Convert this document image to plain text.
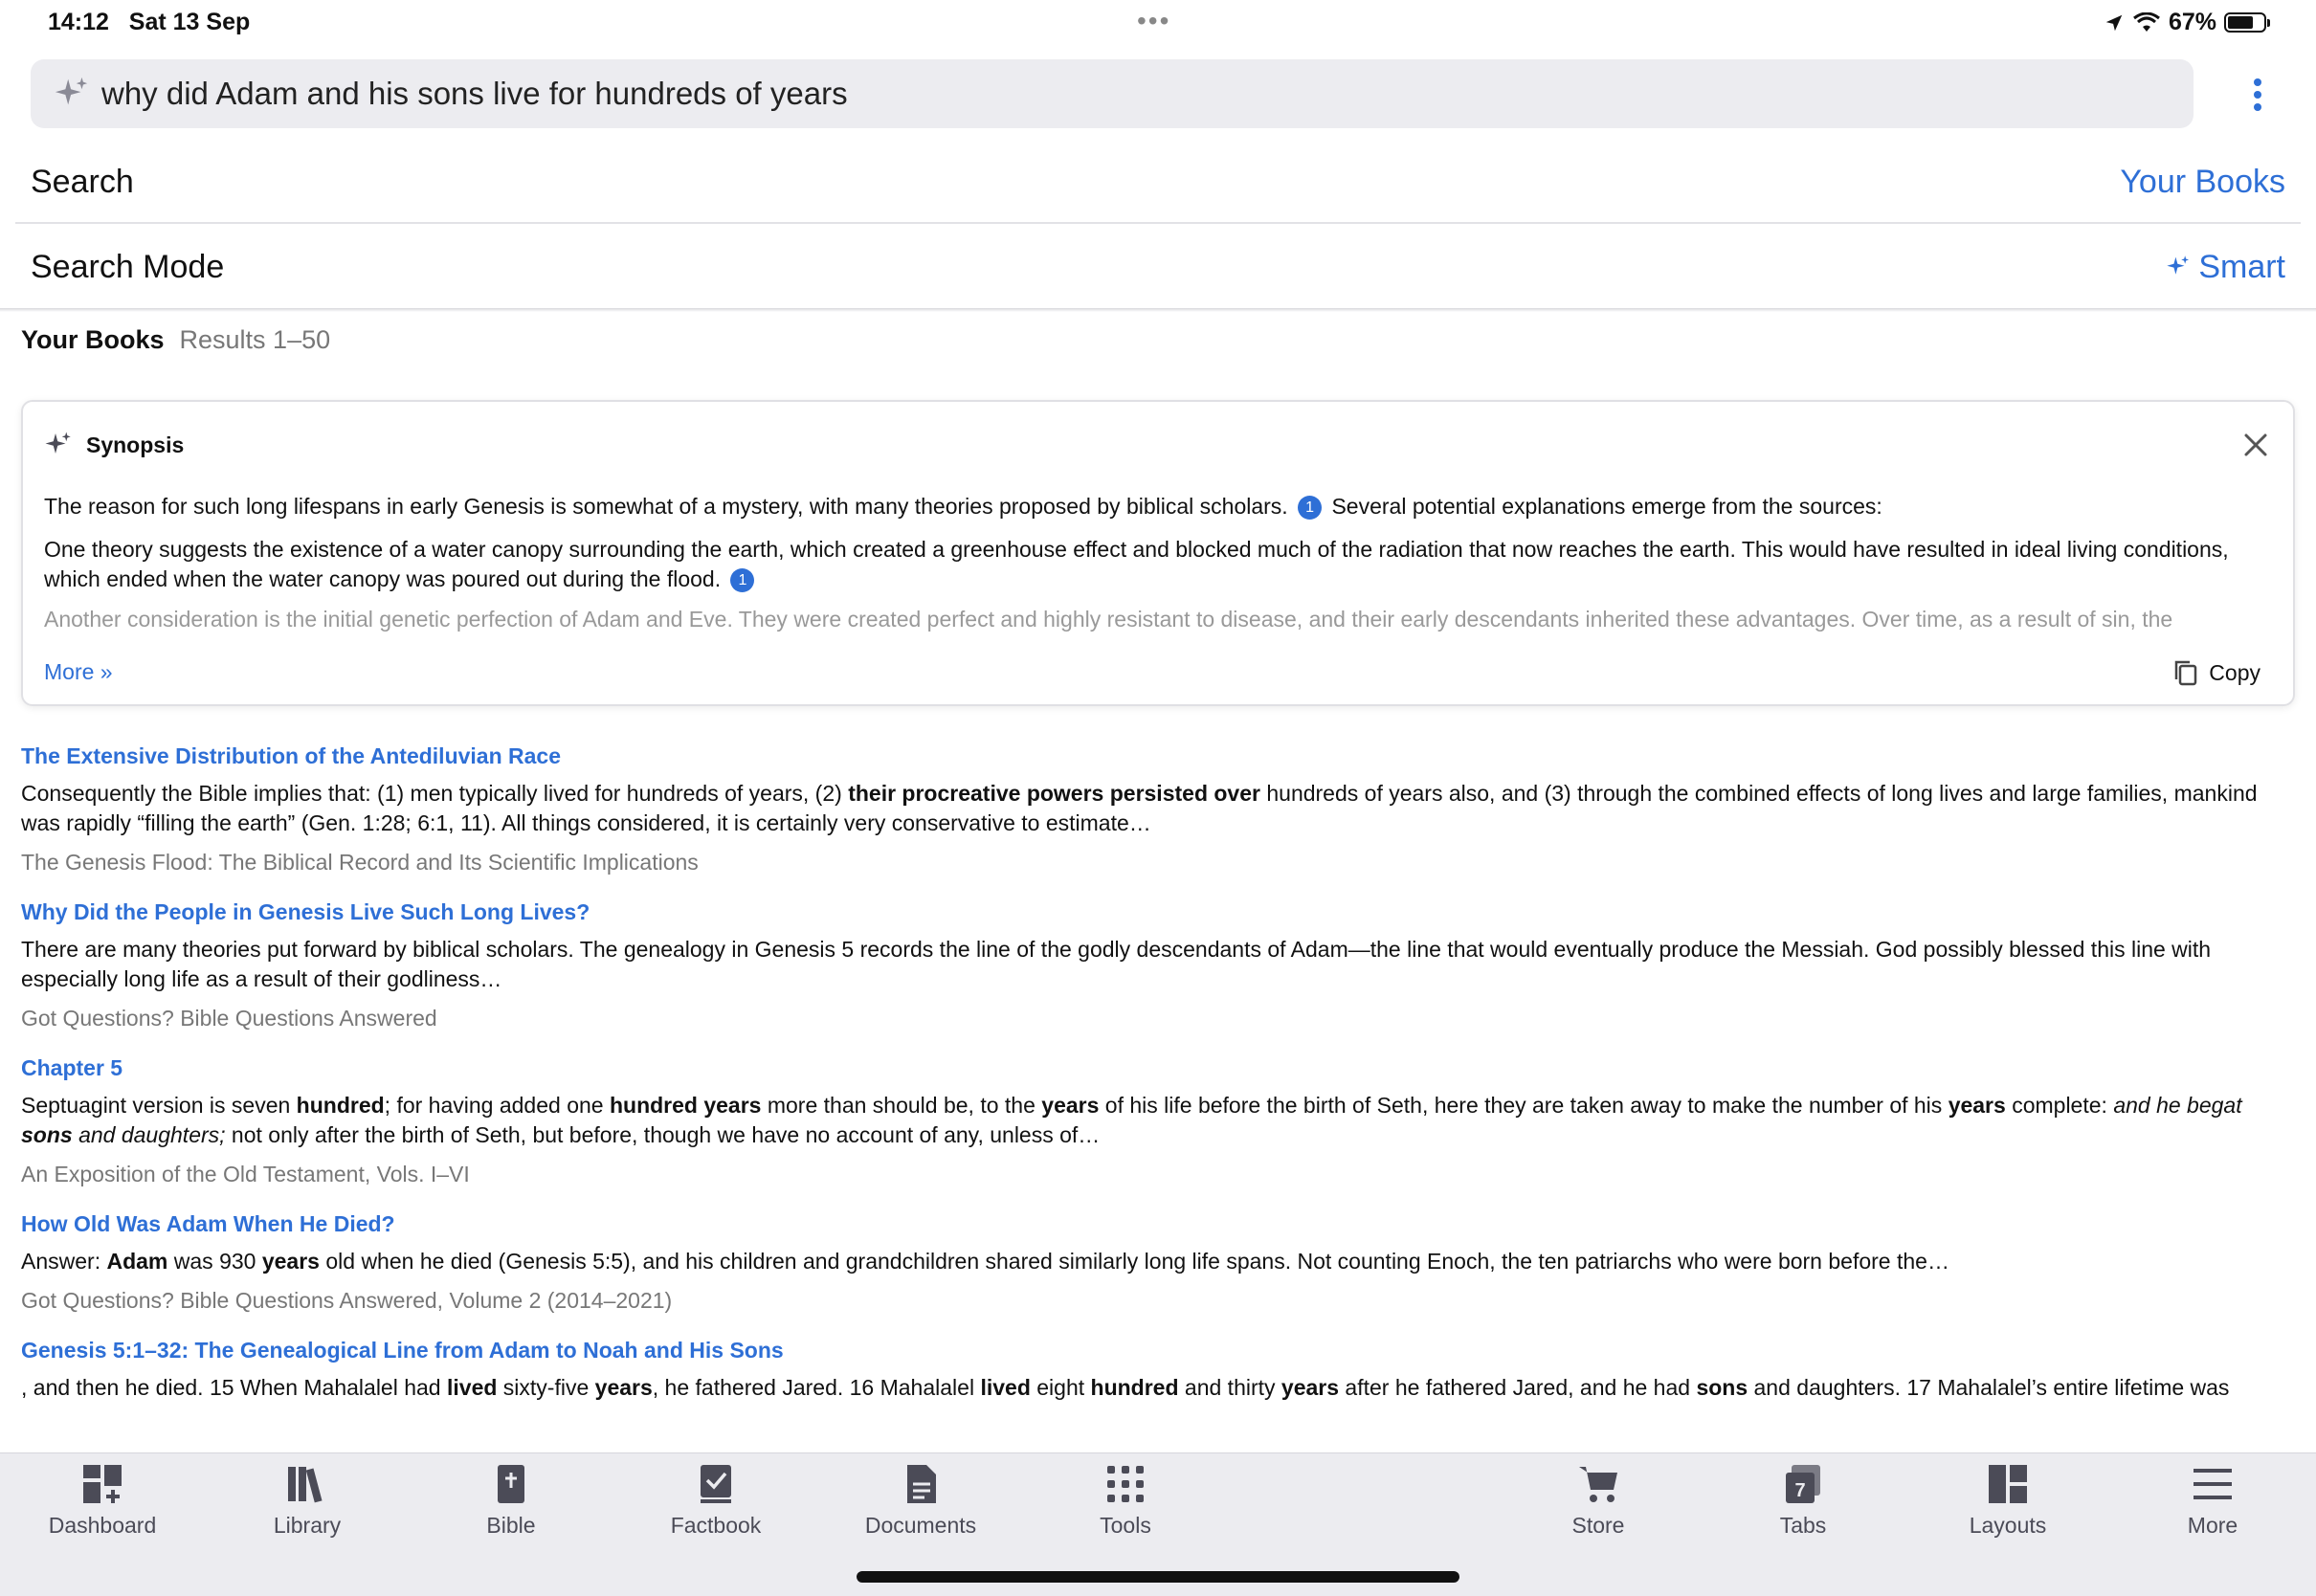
14:12 Sat 13 Sep	•••	67%
why did Adam and his sons live for hundreds of years
Search	Your Books
Search Mode	Smart
Your Books Results 1–50
Synopsis

The reason for such long lifespans in early Genesis is somewhat of a mystery, with many theories proposed by biblical scholars. 1 Several potential explanations emerge from the sources:

One theory suggests the existence of a water canopy surrounding the earth, which created a greenhouse effect and blocked much of the radiation that now reaches the earth. This would have resulted in ideal living conditions, which ended when the water canopy was poured out during the flood. 1

Another consideration is the initial genetic perfection of Adam and Eve. They were created perfect and highly resistant to disease, and their early descendants inherited these advantages. Over time, as a result of sin, the
More »	Copy
The Extensive Distribution of the Antediluvian Race
Consequently the Bible implies that: (1) men typically lived for hundreds of years, (2) their procreative powers persisted over hundreds of years also, and (3) through the combined effects of long lives and large families, mankind was rapidly “filling the earth” (Gen. 1:28; 6:1, 11). All things considered, it is certainly very conservative to estimate…
The Genesis Flood: The Biblical Record and Its Scientific Implications
Why Did the People in Genesis Live Such Long Lives?
There are many theories put forward by biblical scholars. The genealogy in Genesis 5 records the line of the godly descendants of Adam—the line that would eventually produce the Messiah. God possibly blessed this line with especially long life as a result of their godliness…
Got Questions? Bible Questions Answered
Chapter 5
Septuagint version is seven hundred; for having added one hundred years more than should be, to the years of his life before the birth of Seth, here they are taken away to make the number of his years complete: and he begat sons and daughters; not only after the birth of Seth, but before, though we have no account of any, unless of…
An Exposition of the Old Testament, Vols. I–VI
How Old Was Adam When He Died?
Answer: Adam was 930 years old when he died (Genesis 5:5), and his children and grandchildren shared similarly long life spans. Not counting Enoch, the ten patriarchs who were born before the…
Got Questions? Bible Questions Answered, Volume 2 (2014–2021)
Genesis 5:1–32: The Genealogical Line from Adam to Noah and His Sons
, and then he died. 15 When Mahalalel had lived sixty-five years, he fathered Jared. 16 Mahalalel lived eight hundred and thirty years after he fathered Jared, and he had sons and daughters. 17 Mahalalel’s entire lifetime was
Dashboard	Library	Bible	Factbook	Documents	Tools	Store
7
Tabs	Layouts	More
